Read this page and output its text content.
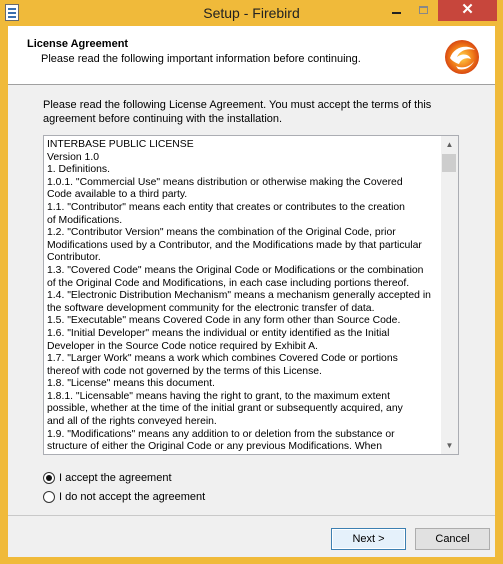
Setup - Firebird	✕
License Agreement
Please read the following important information before continuing.
Please read the following License Agreement. You must accept the terms of this agreement before continuing with the installation.
INTERBASE PUBLIC LICENSE
Version 1.0
1. Definitions.
1.0.1. "Commercial Use" means distribution or otherwise making the Covered
Code available to a third party.
1.1. "Contributor" means each entity that creates or contributes to the creation
of Modifications.
1.2. "Contributor Version" means the combination of the Original Code, prior
Modifications used by a Contributor, and the Modifications made by that particular
Contributor.
1.3. "Covered Code" means the Original Code or Modifications or the combination
of the Original Code and Modifications, in each case including portions thereof.
1.4. "Electronic Distribution Mechanism" means a mechanism generally accepted in
the software development community for the electronic transfer of data.
1.5. "Executable" means Covered Code in any form other than Source Code.
1.6. "Initial Developer" means the individual or entity identified as the Initial
Developer in the Source Code notice required by Exhibit A.
1.7. "Larger Work" means a work which combines Covered Code or portions
thereof with code not governed by the terms of this License.
1.8. "License" means this document.
1.8.1. "Licensable" means having the right to grant, to the maximum extent
possible, whether at the time of the initial grant or subsequently acquired, any
and all of the rights conveyed herein.
1.9. "Modifications" means any addition to or deletion from the substance or
structure of either the Original Code or any previous Modifications. When
▲
▼
I accept the agreement
I do not accept the agreement
Next >	Cancel
